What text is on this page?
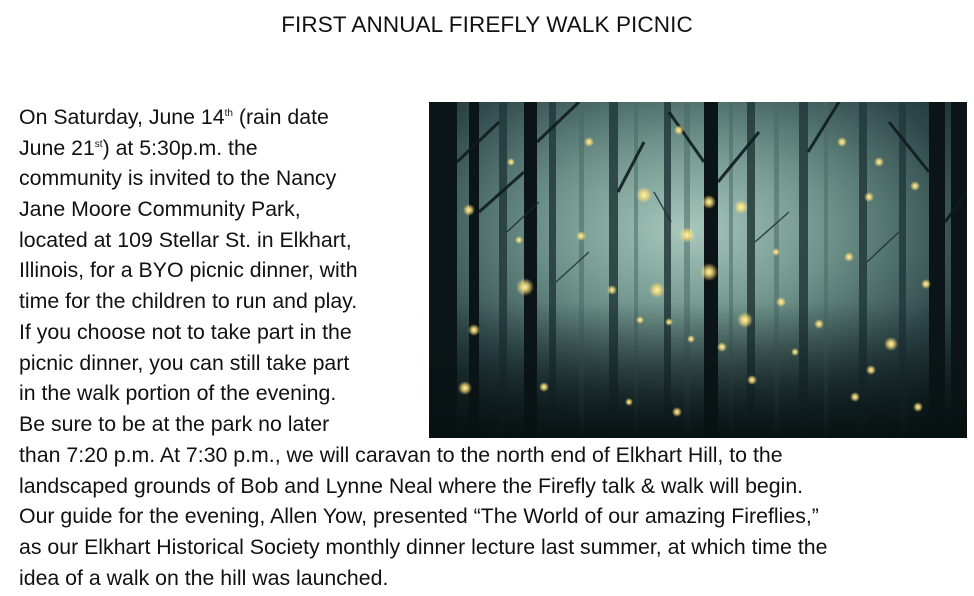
FIRST ANNUAL FIREFLY WALK PICNIC
On Saturday, June 14th (rain date
June 21st) at 5:30p.m. the
community is invited to the Nancy
Jane Moore Community Park,
located at 109 Stellar St. in Elkhart,
Illinois, for a BYO picnic dinner, with
time for the children to run and play.
If you choose not to take part in the
picnic dinner, you can still take part
in the walk portion of the evening.
Be sure to be at the park no later
than 7:20 p.m. At 7:30 p.m., we will caravan to the north end of Elkhart Hill, to the
landscaped grounds of Bob and Lynne Neal where the Firefly talk & walk will begin.
Our guide for the evening, Allen Yow, presented “The World of our amazing Fireflies,”
as our Elkhart Historical Society monthly dinner lecture last summer, at which time the
idea of a walk on the hill was launched.
